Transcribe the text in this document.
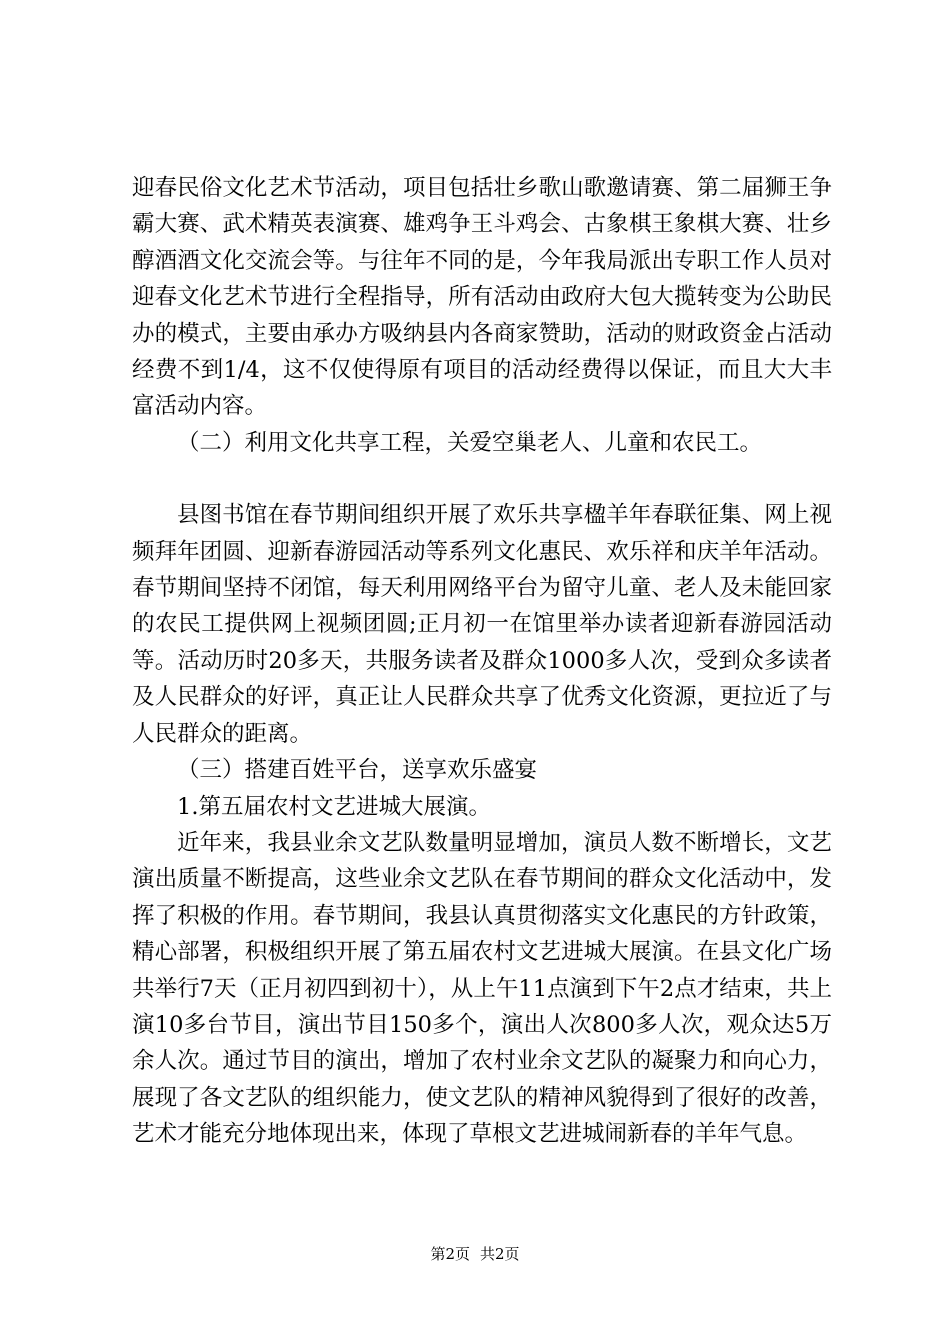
迎春民俗文化艺术节活动，项目包括壮乡歌山歌邀请赛、第二届狮王争霸大赛、武术精英表演赛、雄鸡争王斗鸡会、古象棋王象棋大赛、壮乡醇酒酒文化交流会等。与往年不同的是，今年我局派出专职工作人员对迎春文化艺术节进行全程指导，所有活动由政府大包大揽转变为公助民办的模式，主要由承办方吸纳县内各商家赞助，活动的财政资金占活动经费不到1/4，这不仅使得原有项目的活动经费得以保证，而且大大丰富活动内容。

（二）利用文化共享工程，关爱空巢老人、儿童和农民工。

县图书馆在春节期间组织开展了欢乐共享楹羊年春联征集、网上视频拜年团圆、迎新春游园活动等系列文化惠民、欢乐祥和庆羊年活动。春节期间坚持不闭馆，每天利用网络平台为留守儿童、老人及未能回家的农民工提供网上视频团圆;正月初一在馆里举办读者迎新春游园活动等。活动历时20多天，共服务读者及群众1000多人次，受到众多读者及人民群众的好评，真正让人民群众共享了优秀文化资源，更拉近了与人民群众的距离。

（三）搭建百姓平台，送享欢乐盛宴

1.第五届农村文艺进城大展演。

近年来，我县业余文艺队数量明显增加，演员人数不断增长，文艺演出质量不断提高，这些业余文艺队在春节期间的群众文化活动中，发挥了积极的作用。春节期间，我县认真贯彻落实文化惠民的方针政策，精心部署，积极组织开展了第五届农村文艺进城大展演。在县文化广场共举行7天（正月初四到初十），从上午11点演到下午2点才结束，共上演10多台节目，演出节目150多个，演出人次800多人次，观众达5万余人次。通过节目的演出，增加了农村业余文艺队的凝聚力和向心力，展现了各文艺队的组织能力，使文艺队的精神风貌得到了很好的改善，艺术才能充分地体现出来，体现了草根文艺进城闹新春的羊年气息。

第2页 共2页
